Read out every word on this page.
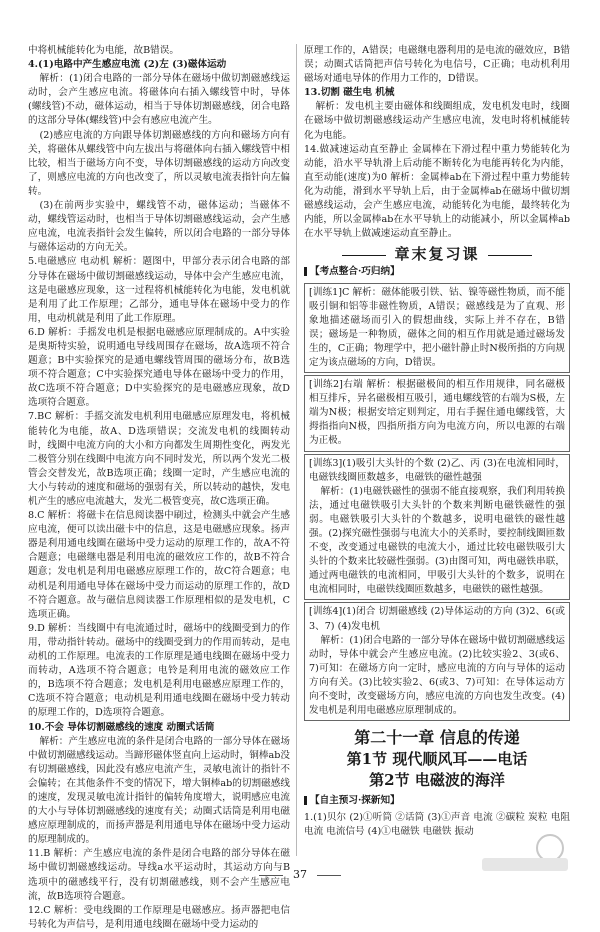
中将机械能转化为电能，故B错误。

4.(1)电路中产生感应电流 (2)左 (3)磁体运动

解析：(1)闭合电路的一部分导体在磁场中做切割磁感线运动时，会产生感应电流。将磁体向右插入螺线管中时，导体(螺线管)不动，磁体运动，相当于导体切割磁感线，闭合电路的这部分导体(螺线管)中会有感应电流产生。

(2)感应电流的方向跟导体切割磁感线的方向和磁场方向有关，将磁体从螺线管中向左拔出与将磁体向右插入螺线管中相比较，相当于磁场方向不变，导体切割磁感线的运动方向改变了，则感应电流的方向也改变了，所以灵敏电流表指针向左偏转。

(3)在前两步实验中，螺线管不动，磁体运动；当磁体不动，螺线管运动时，也相当于导体切割磁感线运动，会产生感应电流，电流表指针会发生偏转，所以闭合电路的一部分导体与磁体运动的方向无关。

5.电磁感应 电动机 解析：题图中，甲部分表示闭合电路的部分导体在磁场中做切割磁感线运动，导体中会产生感应电流，这是电磁感应现象，这一过程将机械能转化为电能，发电机就是利用了此工作原理；乙部分，通电导体在磁场中受力的作用，电动机就是利用了此工作原理。

6.D 解析：手摇发电机是根据电磁感应原理制成的。A中实验是奥斯特实验，说明通电导线周围存在磁场，故A选项不符合题意；B中实验探究的是通电螺线管周围的磁场分布，故B选项不符合题意；C中实验探究通电导体在磁场中受力的作用，故C选项不符合题意；D中实验探究的是电磁感应现象，故D选项符合题意。

7.BC 解析：手摇交流发电机利用电磁感应原理发电，将机械能转化为电能，故A、D选项错误；交流发电机的线圈转动时，线圈中电流方向的大小和方向都发生周期性变化，两发光二极管分别在线圈中电流方向不同时发光，所以两个发光二极管会交替发光，故B选项正确；线圈一定时，产生感应电流的大小与转动的速度和磁场的强弱有关，所以转动的越快，发电机产生的感应电流越大，发光二极管变亮，故C选项正确。

8.C 解析：将磁卡在信息阅读器中刷过，检测头中就会产生感应电流，便可以读出磁卡中的信息，这是电磁感应现象。扬声器是利用通电线圈在磁场中受力运动的原理工作的，故A不符合题意；电磁继电器是利用电流的磁效应工作的，故B不符合题意；发电机是利用电磁感应原理工作的，故C符合题意；电动机是利用通电导体在磁场中受力而运动的原理工作的，故D不符合题意。故与磁信息阅读器工作原理相似的是发电机，C选项正确。

9.D 解析：当线圈中有电流通过时，磁场中的线圈受到力的作用，带动指针转动。磁场中的线圈受到力的作用而转动，是电动机的工作原理。电流表的工作原理是通电线圈在磁场中受力而转动，A选项不符合题意；电铃是利用电流的磁效应工作的，B选项不符合题意；发电机是利用电磁感应原理工作的，C选项不符合题意；电动机是利用通电线圈在磁场中受力转动的原理工作的，D选项符合题意。

10.不会 导体切割磁感线的速度 动圈式话筒

解析：产生感应电流的条件是闭合电路的一部分导体在磁场中做切割磁感线运动。当蹄形磁体竖直向上运动时，铜棒ab没有切割磁感线，因此没有感应电流产生，灵敏电流计的指针不会偏转；在其他条件不变的情况下，增大铜棒ab的切割磁感线的速度，发现灵敏电流计指针的偏转角度增大，说明感应电流的大小与导体切割磁感线的速度有关；动圈式话筒是利用电磁感应原理制成的，而扬声器是利用通电导体在磁场中受力运动的原理制成的。

11.B 解析：产生感应电流的条件是闭合电路的部分导体在磁场中做切割磁感线运动。导线a水平运动时，其运动方向与B选项中的磁感线平行，没有切割磁感线，则不会产生感应电流，故B选项符合题意。

12.C 解析：受电线圈的工作原理是电磁感应。扬声器把电信号转化为声信号，是利用通电线圈在磁场中受力运动的

原理工作的，A错误；电磁继电器利用的是电流的磁效应，B错误；动圈式话筒把声信号转化为电信号，C正确；电动机利用磁场对通电导体的作用力工作的，D错误。

13.切割 磁生电 机械

解析：发电机主要由磁体和线圈组成，发电机发电时，线圈在磁场中做切割磁感线运动产生感应电流，发电时将机械能转化为电能。

14.做减速运动直至静止 金属棒在下滑过程中重力势能转化为动能，沿水平导轨滑上后动能不断转化为电能再转化为内能，直至动能(速度)为0 解析：金属棒ab在下滑过程中重力势能转化为动能，滑到水平导轨上后，由于金属棒ab在磁场中做切割磁感线运动，会产生感应电流，动能转化为电能，最终转化为内能，所以金属棒ab在水平导轨上的动能减小，所以金属棒ab在水平导轨上做减速运动直至静止。

章末复习课
【考点整合·巧归纳】

[训练1]C 解析：磁体能吸引铁、钴、镍等磁性物质，而不能吸引铜和铝等非磁性物质，A错误；磁感线是为了直观、形象地描述磁场而引入的假想曲线，实际上并不存在，B错误；磁场是一种物质，磁体之间的相互作用就是通过磁场发生的，C正确；物理学中，把小磁针静止时N极所指的方向规定为该点磁场的方向，D错误。

[训练2]右端 解析：根据磁极间的相互作用规律，同名磁极相互排斥，异名磁极相互吸引，通电螺线管的右端为S极，左端为N极；根据安培定则判定，用右手握住通电螺线管，大拇指指向N极，四指所指方向为电流方向，所以电源的右端为正极。

[训练3](1)吸引大头针的个数 (2)乙、丙 (3)在电流相同时，电磁铁线圈匝数越多，电磁铁的磁性越强

解析：(1)电磁铁磁性的强弱不能直接观察，我们利用转换法，通过电磁铁吸引大头针的个数来判断电磁铁磁性的强弱。电磁铁吸引大头针的个数越多，说明电磁铁的磁性越强。(2)探究磁性强弱与电流大小的关系时，要控制线圈匝数不变，改变通过电磁铁的电流大小，通过比较电磁铁吸引大头针的个数来比较磁性强弱。(3)由图可知，两电磁铁串联，通过两电磁铁的电流相同，甲吸引大头针的个数多，说明在电流相同时，电磁铁线圈匝数越多，电磁铁的磁性越强。

[训练4](1)闭合 切割磁感线 (2)导体运动的方向 (3)2、6(或3、7) (4)发电机

解析：(1)闭合电路的一部分导体在磁场中做切割磁感线运动时，导体中就会产生感应电流。(2)比较实验2、3(或6、7)可知：在磁场方向一定时，感应电流的方向与导体的运动方向有关。(3)比较实验2、6(或3、7)可知：在导体运动方向不变时，改变磁场方向，感应电流的方向也发生改变。(4)发电机是利用电磁感应原理制成的。

第二十一章 信息的传递
第1节 现代顺风耳——电话
第2节 电磁波的海洋
【自主预习·探新知】

1.(1)贝尔 (2)①听筒 ②话筒 (3)①声音 电流 ②碳粒 炭粒 电阻 电流 电流信号 (4)①电磁铁 电磁铁 振动

37
